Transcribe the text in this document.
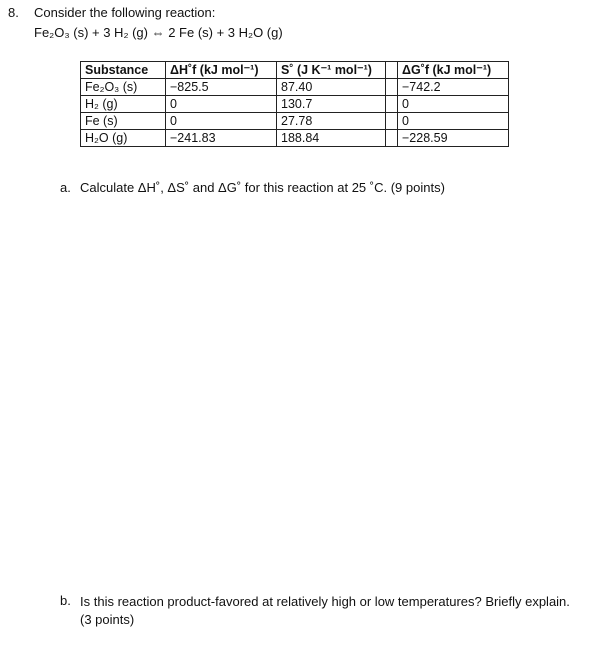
8. Consider the following reaction:
Fe₂O₃ (s) + 3 H₂ (g) ⇔ 2 Fe (s) + 3 H₂O (g)
Substance	ΔH˚f (kJ mol⁻¹)	S˚ (J K⁻¹ mol⁻¹)		ΔG˚f (kJ mol⁻¹)
Fe₂O₃ (s)	−825.5	87.40		−742.2
H₂ (g)	0	130.7		0
Fe (s)	0	27.78		0
H₂O (g)	−241.83	188.84		−228.59
a. Calculate ΔH˚, ΔS˚ and ΔG˚ for this reaction at 25 ˚C. (9 points)
b. Is this reaction product-favored at relatively high or low temperatures? Briefly explain. (3 points)
